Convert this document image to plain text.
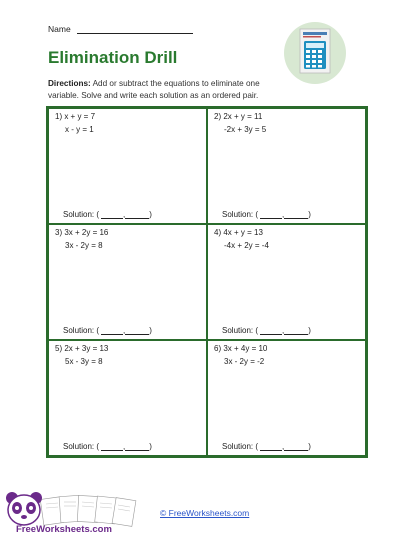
Name
Elimination Drill

Directions: Add or subtract the equations to eliminate one variable. Solve and write each solution as an ordered pair.

1) x + y = 7
x - y = 1
Solution: (	,	)
2) 2x + y = 11
-2x + 3y = 5
Solution: (	,	)
3) 3x + 2y = 16
3x - 2y = 8
Solution: (	,	)
4) 4x + y = 13
-4x + 2y = -4
Solution: (	,	)
5) 2x + 3y = 13
5x - 3y = 8
Solution: (	,	)
6) 3x + 4y = 10
3x - 2y = -2
Solution: (	,	)
FreeWorksheets.com
© FreeWorksheets.com
